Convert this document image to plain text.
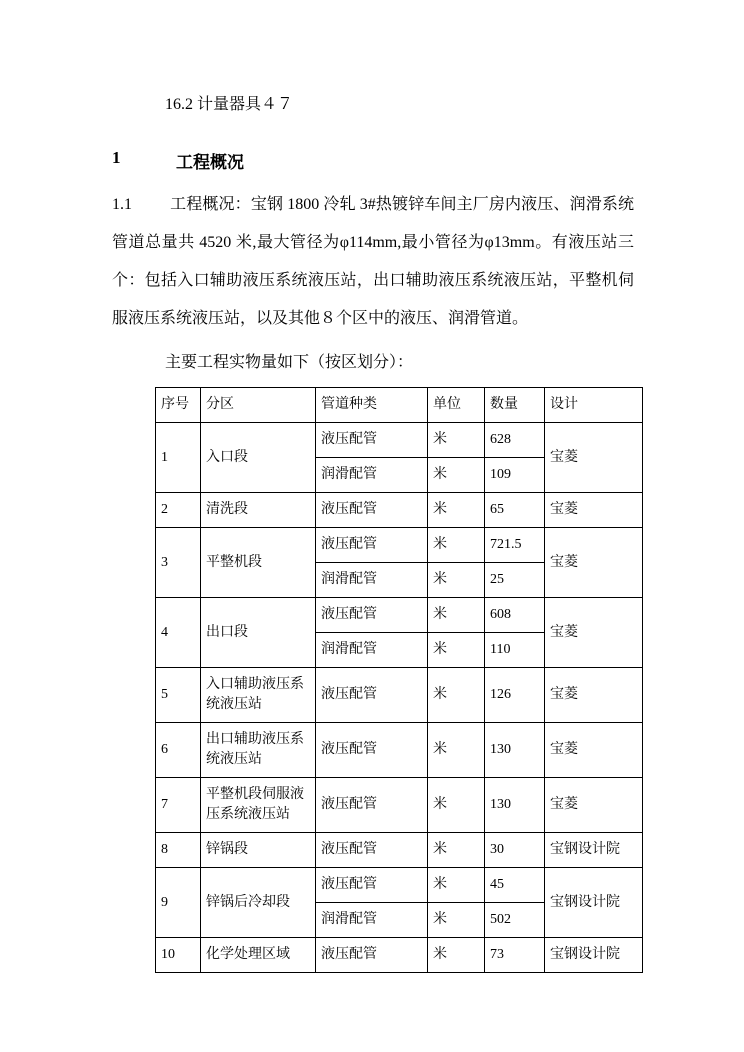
16.2 计量器具４７
1	工程概况

1.1 工程概况：宝钢 1800 冷轧 3#热镀锌车间主厂房内液压、润滑系统管道总量共 4520 米,最大管径为φ114mm,最小管径为φ13mm。有液压站三个：包括入口辅助液压系统液压站，出口辅助液压系统液压站，平整机伺服液压系统液压站，以及其他８个区中的液压、润滑管道。

主要工程实物量如下（按区划分）：
序号	分区	管道种类	单位	数量	设计
1	入口段	液压配管	米	628	宝菱
		润滑配管	米	109	
2	清洗段	液压配管	米	65	宝菱
3	平整机段	液压配管	米	721.5	宝菱
		润滑配管	米	25	
4	出口段	液压配管	米	608	宝菱
		润滑配管	米	110	
5	入口辅助液压系统液压站	液压配管	米	126	宝菱
6	出口辅助液压系统液压站	液压配管	米	130	宝菱
7	平整机段伺服液压系统液压站	液压配管	米	130	宝菱
8	锌锅段	液压配管	米	30	宝钢设计院
9	锌锅后冷却段	液压配管	米	45	宝钢设计院
		润滑配管	米	502	
10	化学处理区域	液压配管	米	73	宝钢设计院
